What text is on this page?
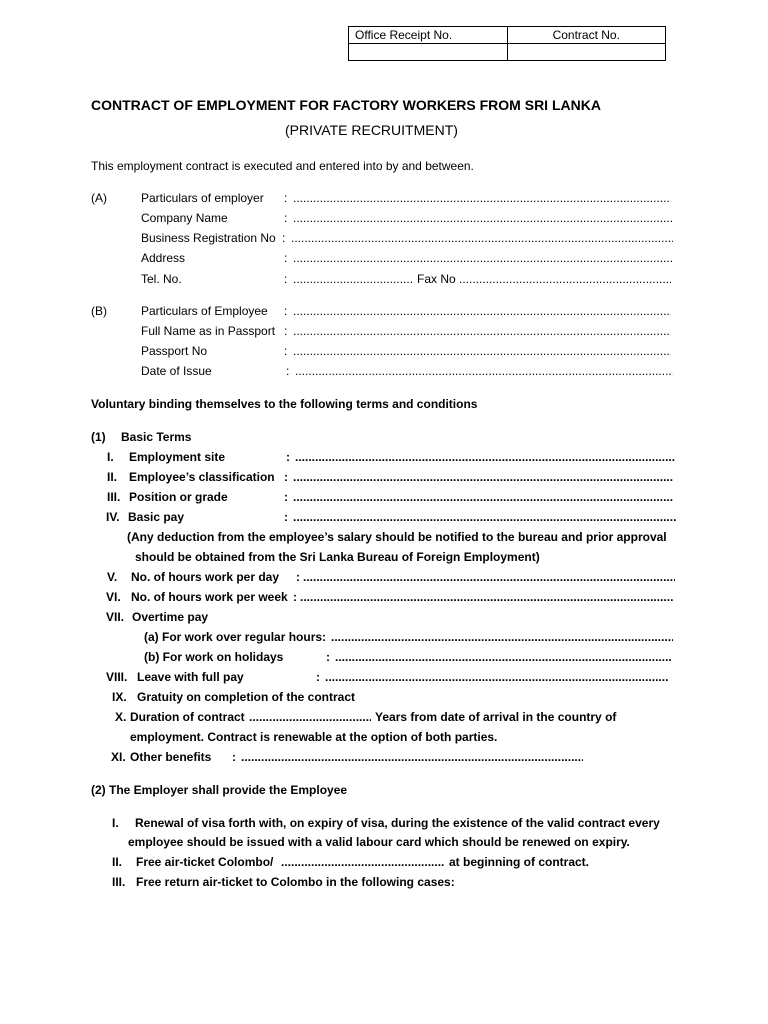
Office Receipt No.	Contract No.

CONTRACT OF EMPLOYMENT FOR FACTORY WORKERS FROM SRI LANKA
(PRIVATE RECRUITMENT)
This employment contract is executed and entered into by and between.
(A)	Particulars of employer :
.....
Company Name	:
.....
Business Registration No :
.....
Address	:
.....
Tel. No.	: .....	Fax No
.....
(B)	Particulars of Employee :
.....
Full Name as in Passport :
.....
Passport No	:
.....
Date of Issue	:
.....
Voluntary binding themselves to the following terms and conditions
(1) Basic Terms
I. Employment site	:
.....
II. Employee’s classification :
.....
III. Position or grade	:
.....
IV. Basic pay	:
.....
(Any deduction from the employee’s salary should be notified to the bureau and prior approval
should be obtained from the Sri Lanka Bureau of Foreign Employment)
V. No. of hours work per day :
.....
VI. No. of hours work per week :
.....
VII. Overtime pay
(a) For work over regular hours :
.....
(b) For work on holidays	:
.....
VIII. Leave with full pay	:
.....
IX. Gratuity on completion of the contract
X. Duration of contract .....	Years from date of arrival in the country of
employment. Contract is renewable at the option of both parties.
XI. Other benefits :
.....
(2) The Employer shall provide the Employee
I. Renewal of visa forth with, on expiry of visa, during the existence of the valid contract every
employee should be issued with a valid labour card which should be renewed on expiry.
II. Free air-ticket Colombo/ .....	at beginning of contract.
III. Free return air-ticket to Colombo in the following cases:
